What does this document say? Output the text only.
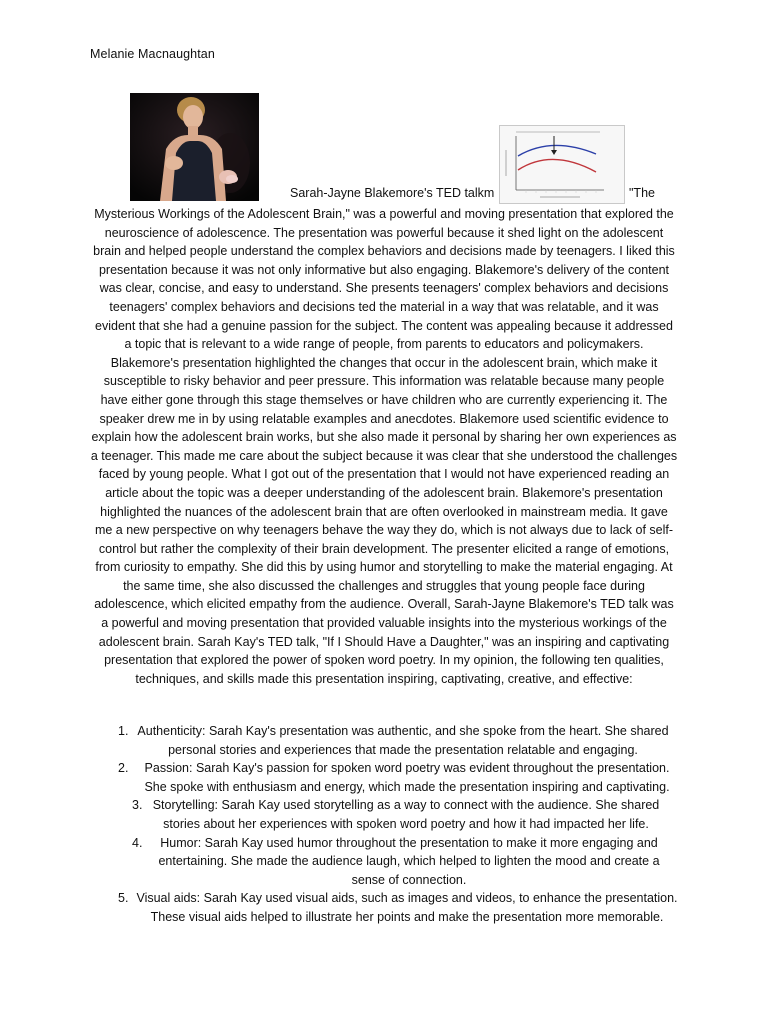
Melanie Macnaughtan
Sarah-Jayne Blakemore's TED talkm	"The

Mysterious Workings of the Adolescent Brain," was a powerful and moving presentation that explored the neuroscience of adolescence. The presentation was powerful because it shed light on the adolescent brain and helped people understand the complex behaviors and decisions made by teenagers. I liked this presentation because it was not only informative but also engaging. Blakemore's delivery of the content was clear, concise, and easy to understand. She presents teenagers' complex behaviors and decisions teenagers' complex behaviors and decisions ted the material in a way that was relatable, and it was evident that she had a genuine passion for the subject. The content was appealing because it addressed a topic that is relevant to a wide range of people, from parents to educators and policymakers. Blakemore's presentation highlighted the changes that occur in the adolescent brain, which make it susceptible to risky behavior and peer pressure. This information was relatable because many people have either gone through this stage themselves or have children who are currently experiencing it. The speaker drew me in by using relatable examples and anecdotes. Blakemore used scientific evidence to explain how the adolescent brain works, but she also made it personal by sharing her own experiences as a teenager. This made me care about the subject because it was clear that she understood the challenges faced by young people. What I got out of the presentation that I would not have experienced reading an article about the topic was a deeper understanding of the adolescent brain. Blakemore's presentation highlighted the nuances of the adolescent brain that are often overlooked in mainstream media. It gave me a new perspective on why teenagers behave the way they do, which is not always due to lack of self-control but rather the complexity of their brain development. The presenter elicited a range of emotions, from curiosity to empathy. She did this by using humor and storytelling to make the material engaging. At the same time, she also discussed the challenges and struggles that young people face during adolescence, which elicited empathy from the audience. Overall, Sarah-Jayne Blakemore's TED talk was a powerful and moving presentation that provided valuable insights into the mysterious workings of the adolescent brain. Sarah Kay's TED talk, "If I Should Have a Daughter," was an inspiring and captivating presentation that explored the power of spoken word poetry. In my opinion, the following ten qualities, techniques, and skills made this presentation inspiring, captivating, creative, and effective:

1. Authenticity: Sarah Kay's presentation was authentic, and she spoke from the heart. She shared personal stories and experiences that made the presentation relatable and engaging.
2. Passion: Sarah Kay's passion for spoken word poetry was evident throughout the presentation. She spoke with enthusiasm and energy, which made the presentation inspiring and captivating.
3. Storytelling: Sarah Kay used storytelling as a way to connect with the audience. She shared stories about her experiences with spoken word poetry and how it had impacted her life.
4. Humor: Sarah Kay used humor throughout the presentation to make it more engaging and entertaining. She made the audience laugh, which helped to lighten the mood and create a sense of connection.
5. Visual aids: Sarah Kay used visual aids, such as images and videos, to enhance the presentation. These visual aids helped to illustrate her points and make the presentation more memorable.
